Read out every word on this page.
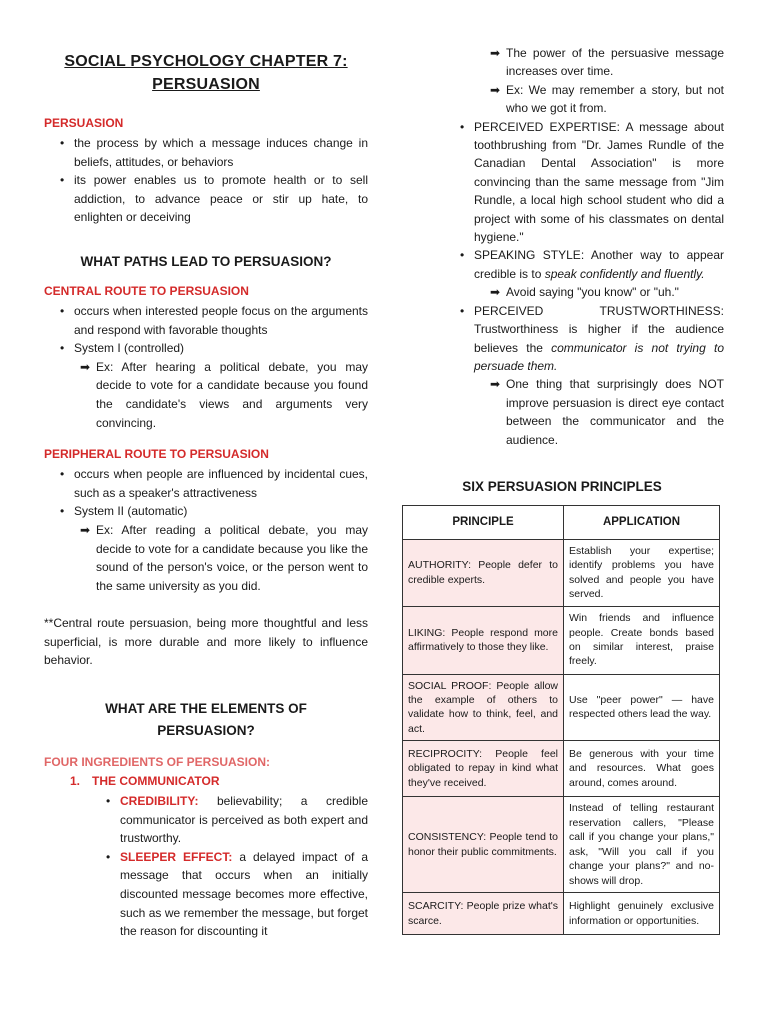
SOCIAL PSYCHOLOGY CHAPTER 7:
PERSUASION
PERSUASION
• the process by which a message induces change in beliefs, attitudes, or behaviors
• its power enables us to promote health or to sell addiction, to advance peace or stir up hate, to enlighten or deceiving
WHAT PATHS LEAD TO PERSUASION?
CENTRAL ROUTE TO PERSUASION
• occurs when interested people focus on the arguments and respond with favorable thoughts
• System I (controlled)
➡ Ex: After hearing a political debate, you may decide to vote for a candidate because you found the candidate's views and arguments very convincing.
PERIPHERAL ROUTE TO PERSUASION
• occurs when people are influenced by incidental cues, such as a speaker's attractiveness
• System II (automatic)
➡ Ex: After reading a political debate, you may decide to vote for a candidate because you like the sound of the person's voice, or the person went to the same university as you did.
**Central route persuasion, being more thoughtful and less superficial, is more durable and more likely to influence behavior.
WHAT ARE THE ELEMENTS OF
PERSUASION?
FOUR INGREDIENTS OF PERSUASION:
1. THE COMMUNICATOR
• CREDIBILITY: believability; a credible communicator is perceived as both expert and trustworthy.
• SLEEPER EFFECT: a delayed impact of a message that occurs when an initially discounted message becomes more effective, such as we remember the message, but forget the reason for discounting it
➡ The power of the persuasive message increases over time.
➡ Ex: We may remember a story, but not who we got it from.
• PERCEIVED EXPERTISE: A message about toothbrushing from "Dr. James Rundle of the Canadian Dental Association" is more convincing than the same message from "Jim Rundle, a local high school student who did a project with some of his classmates on dental hygiene."
• SPEAKING STYLE: Another way to appear credible is to speak confidently and fluently.
➡ Avoid saying "you know" or "uh."
• PERCEIVED TRUSTWORTHINESS: Trustworthiness is higher if the audience believes the communicator is not trying to persuade them.
➡ One thing that surprisingly does NOT improve persuasion is direct eye contact between the communicator and the audience.
SIX PERSUASION PRINCIPLES
PRINCIPLE	APPLICATION
AUTHORITY: People defer to credible experts.	Establish your expertise; identify problems you have solved and people you have served.
LIKING: People respond more affirmatively to those they like.	Win friends and influence people. Create bonds based on similar interest, praise freely.
SOCIAL PROOF: People allow the example of others to validate how to think, feel, and act.	Use "peer power" — have respected others lead the way.
RECIPROCITY: People feel obligated to repay in kind what they've received.	Be generous with your time and resources. What goes around, comes around.
CONSISTENCY: People tend to honor their public commitments.	Instead of telling restaurant reservation callers, "Please call if you change your plans," ask, "Will you call if you change your plans?" and no-shows will drop.
SCARCITY: People prize what's scarce.	Highlight genuinely exclusive information or opportunities.
